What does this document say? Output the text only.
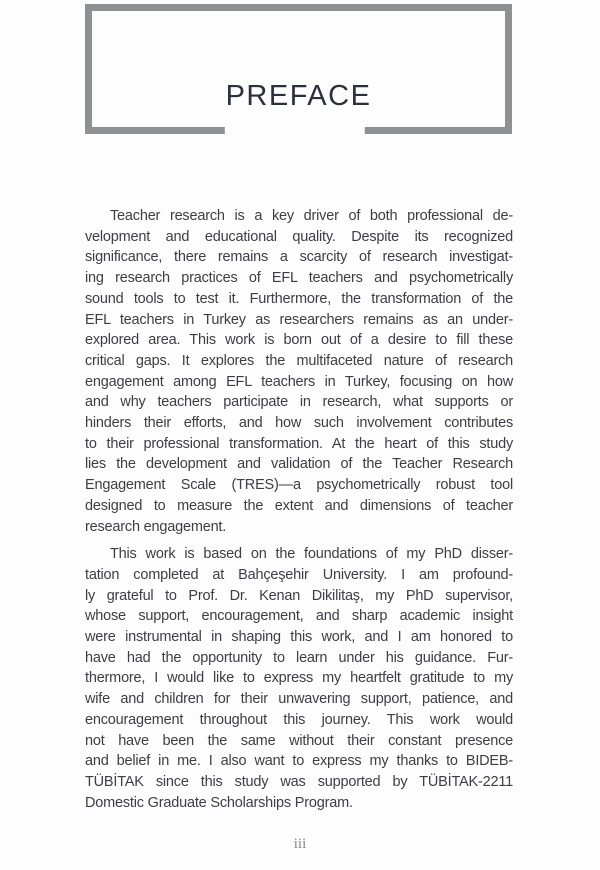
PREFACE
Teacher research is a key driver of both professional de-
velopment and educational quality. Despite its recognized
significance, there remains a scarcity of research investigat-
ing research practices of EFL teachers and psychometrically
sound tools to test it. Furthermore, the transformation of the
EFL teachers in Turkey as researchers remains as an under-
explored area. This work is born out of a desire to fill these
critical gaps. It explores the multifaceted nature of research
engagement among EFL teachers in Turkey, focusing on how
and why teachers participate in research, what supports or
hinders their efforts, and how such involvement contributes
to their professional transformation. At the heart of this study
lies the development and validation of the Teacher Research
Engagement Scale (TRES)—a psychometrically robust tool
designed to measure the extent and dimensions of teacher
research engagement.
This work is based on the foundations of my PhD disser-
tation completed at Bahçeşehir University. I am profound-
ly grateful to Prof. Dr. Kenan Dikilitaş, my PhD supervisor,
whose support, encouragement, and sharp academic insight
were instrumental in shaping this work, and I am honored to
have had the opportunity to learn under his guidance. Fur-
thermore, I would like to express my heartfelt gratitude to my
wife and children for their unwavering support, patience, and
encouragement throughout this journey. This work would
not have been the same without their constant presence
and belief in me. I also want to express my thanks to BIDEB-
TÜBİTAK since this study was supported by TÜBİTAK-2211
Domestic Graduate Scholarships Program.
iii
